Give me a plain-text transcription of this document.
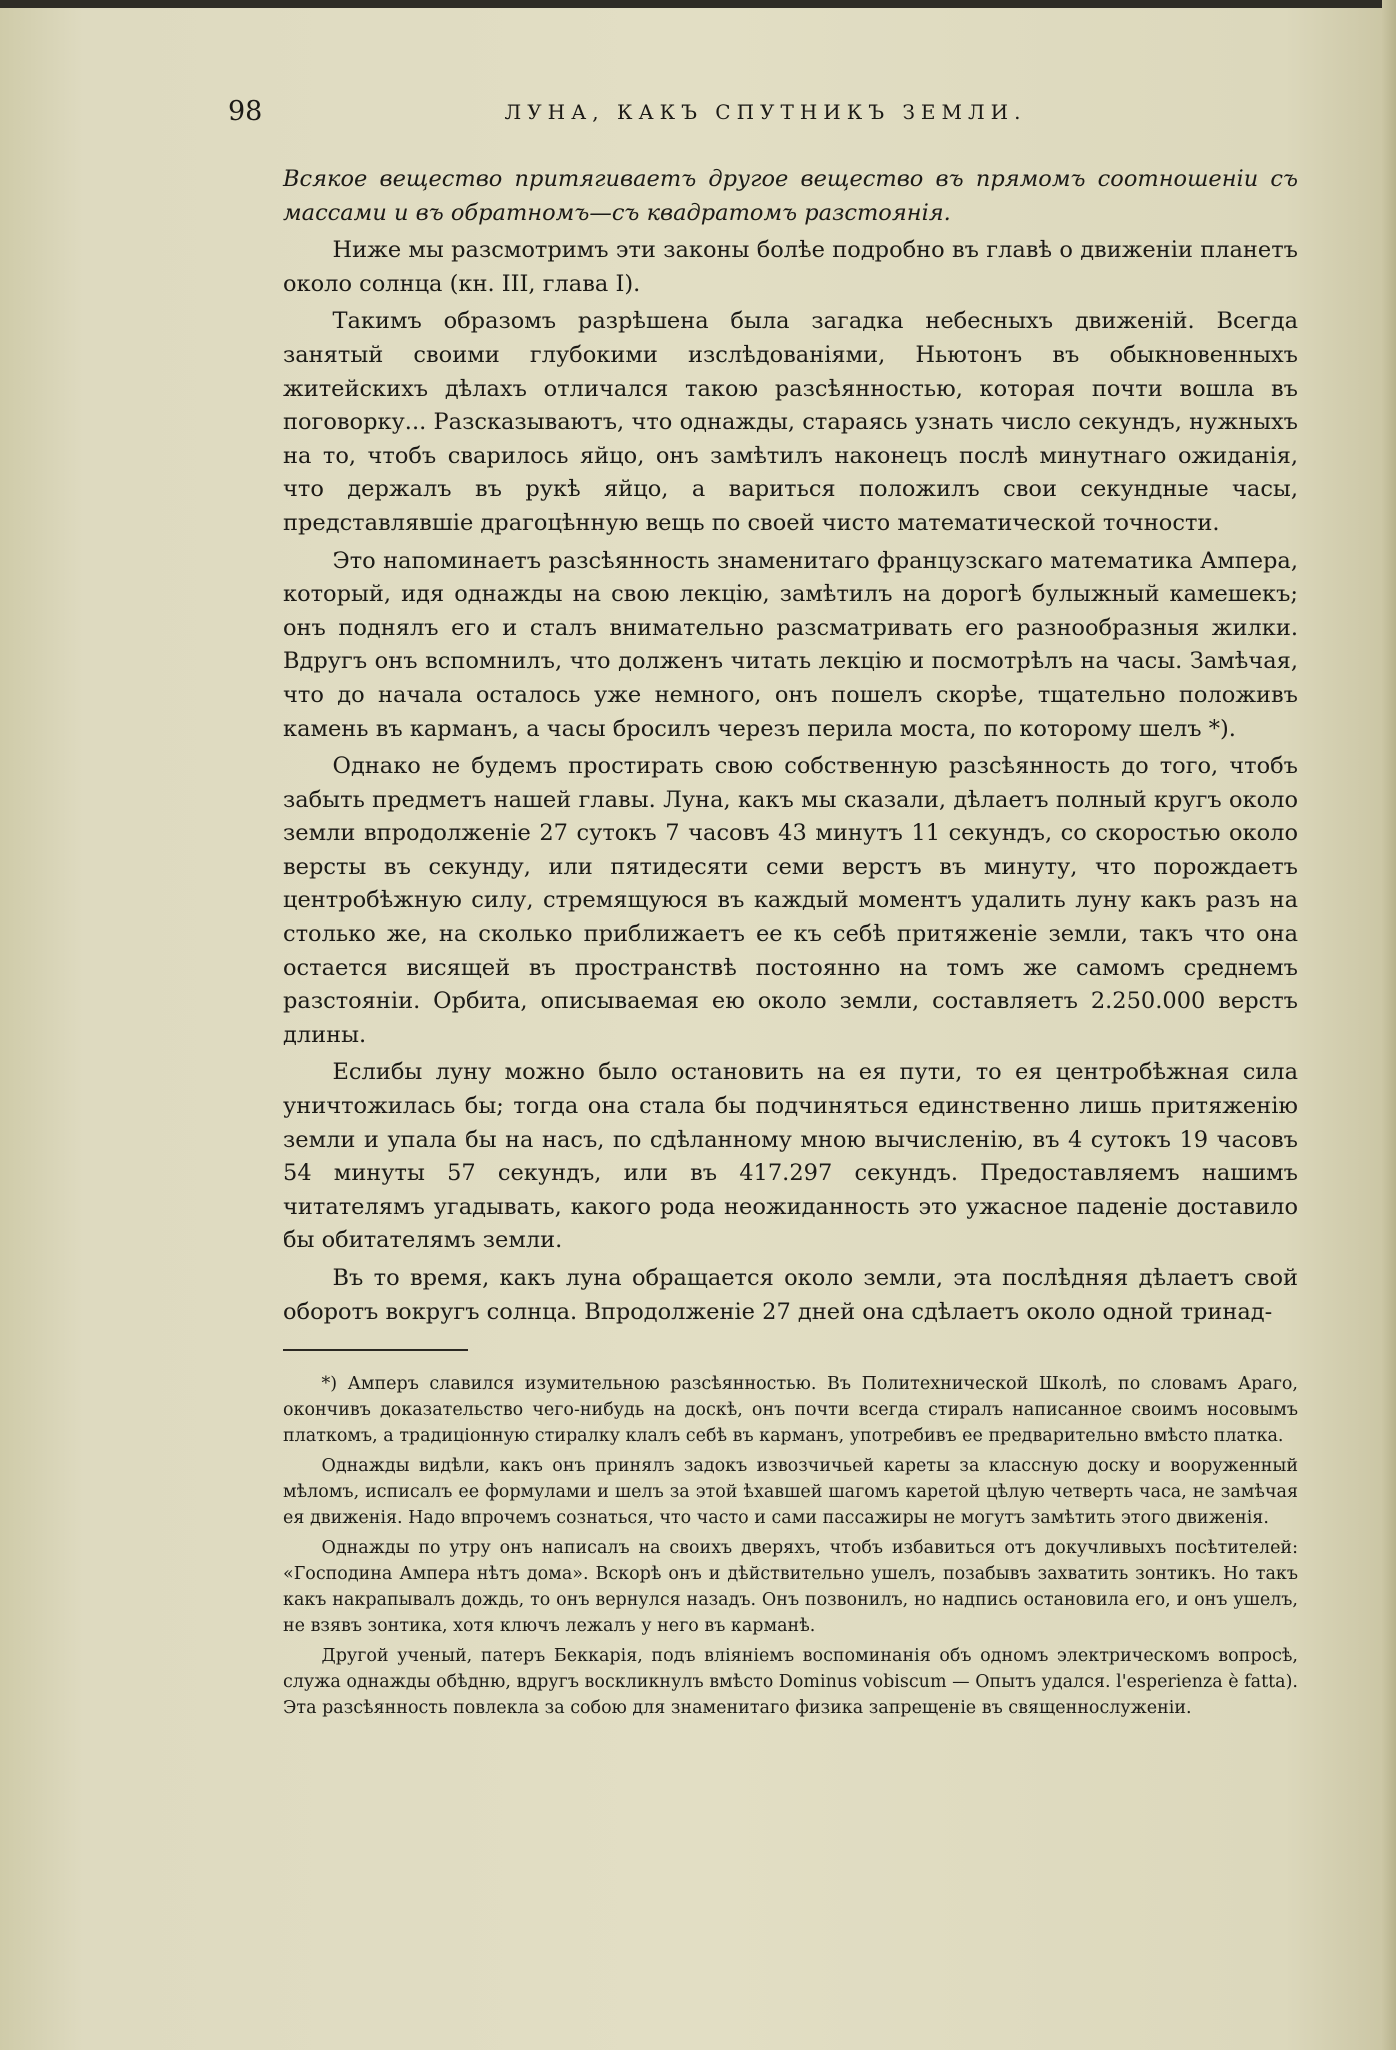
98	ЛУНА, КАКЪ СПУТНИКЪ ЗЕМЛИ.

Всякое вещество притягиваетъ другое вещество въ прямомъ соотношеніи съ массами и въ обратномъ—съ квадратомъ разстоянія.

Ниже мы разсмотримъ эти законы болѣе подробно въ главѣ о движеніи планетъ около солнца (кн. III, глава I).

Такимъ образомъ разрѣшена была загадка небесныхъ движеній. Всегда занятый своими глубокими изслѣдованіями, Ньютонъ въ обыкновенныхъ житейскихъ дѣлахъ отличался такою разсѣянностью, которая почти вошла въ поговорку... Разсказываютъ, что однажды, стараясь узнать число секундъ, нужныхъ на то, чтобъ сварилось яйцо, онъ замѣтилъ наконецъ послѣ минутнаго ожиданія, что держалъ въ рукѣ яйцо, а вариться положилъ свои секундные часы, представлявшіе драгоцѣнную вещь по своей чисто математической точности.

Это напоминаетъ разсѣянность знаменитаго французскаго математика Ампера, который, идя однажды на свою лекцію, замѣтилъ на дорогѣ булыжный камешекъ; онъ поднялъ его и сталъ внимательно разсматривать его разнообразныя жилки. Вдругъ онъ вспомнилъ, что долженъ читать лекцію и посмотрѣлъ на часы. Замѣчая, что до начала осталось уже немного, онъ пошелъ скорѣе, тщательно положивъ камень въ карманъ, а часы бросилъ черезъ перила моста, по которому шелъ *).

Однако не будемъ простирать свою собственную разсѣянность до того, чтобъ забыть предметъ нашей главы. Луна, какъ мы сказали, дѣлаетъ полный кругъ около земли впродолженіе 27 сутокъ 7 часовъ 43 минутъ 11 секундъ, со скоростью около версты въ секунду, или пятидесяти семи верстъ въ минуту, что порождаетъ центробѣжную силу, стремящуюся въ каждый моментъ удалить луну какъ разъ на столько же, на сколько приближаетъ ее къ себѣ притяженіе земли, такъ что она остается висящей въ пространствѣ постоянно на томъ же самомъ среднемъ разстояніи. Орбита, описываемая ею около земли, составляетъ 2.250.000 верстъ длины.

Еслибы луну можно было остановить на ея пути, то ея центробѣжная сила уничтожилась бы; тогда она стала бы подчиняться единственно лишь притяженію земли и упала бы на насъ, по сдѣланному мною вычисленію, въ 4 сутокъ 19 часовъ 54 минуты 57 секундъ, или въ 417.297 секундъ. Предоставляемъ нашимъ читателямъ угадывать, какого рода неожиданность это ужасное паденіе доставило бы обитателямъ земли.

Въ то время, какъ луна обращается около земли, эта послѣдняя дѣлаетъ свой оборотъ вокругъ солнца. Впродолженіе 27 дней она сдѣлаетъ около одной тринад-

*) Амперъ славился изумительною разсѣянностью. Въ Политехнической Школѣ, по словамъ Араго, окончивъ доказательство чего-нибудь на доскѣ, онъ почти всегда стиралъ написанное своимъ носовымъ платкомъ, а традиціонную стиралку клалъ себѣ въ карманъ, употребивъ ее предварительно вмѣсто платка.

Однажды видѣли, какъ онъ принялъ задокъ извозчичьей кареты за классную доску и вооруженный мѣломъ, исписалъ ее формулами и шелъ за этой ѣхавшей шагомъ каретой цѣлую четверть часа, не замѣчая ея движенія. Надо впрочемъ сознаться, что часто и сами пассажиры не могутъ замѣтить этого движенія.

Однажды по утру онъ написалъ на своихъ дверяхъ, чтобъ избавиться отъ докучливыхъ посѣтителей: «Господина Ампера нѣтъ дома». Вскорѣ онъ и дѣйствительно ушелъ, позабывъ захватить зонтикъ. Но такъ какъ накрапывалъ дождь, то онъ вернулся назадъ. Онъ позвонилъ, но надпись остановила его, и онъ ушелъ, не взявъ зонтика, хотя ключъ лежалъ у него въ карманѣ.

Другой ученый, патеръ Беккарія, подъ вліяніемъ воспоминанія объ одномъ электрическомъ вопросѣ, служа однажды обѣдню, вдругъ воскликнулъ вмѣсто Dominus vobiscum — Опытъ удался. l'esperienza è fatta). Эта разсѣянность повлекла за собою для знаменитаго физика запрещеніе въ священнослуженіи.
